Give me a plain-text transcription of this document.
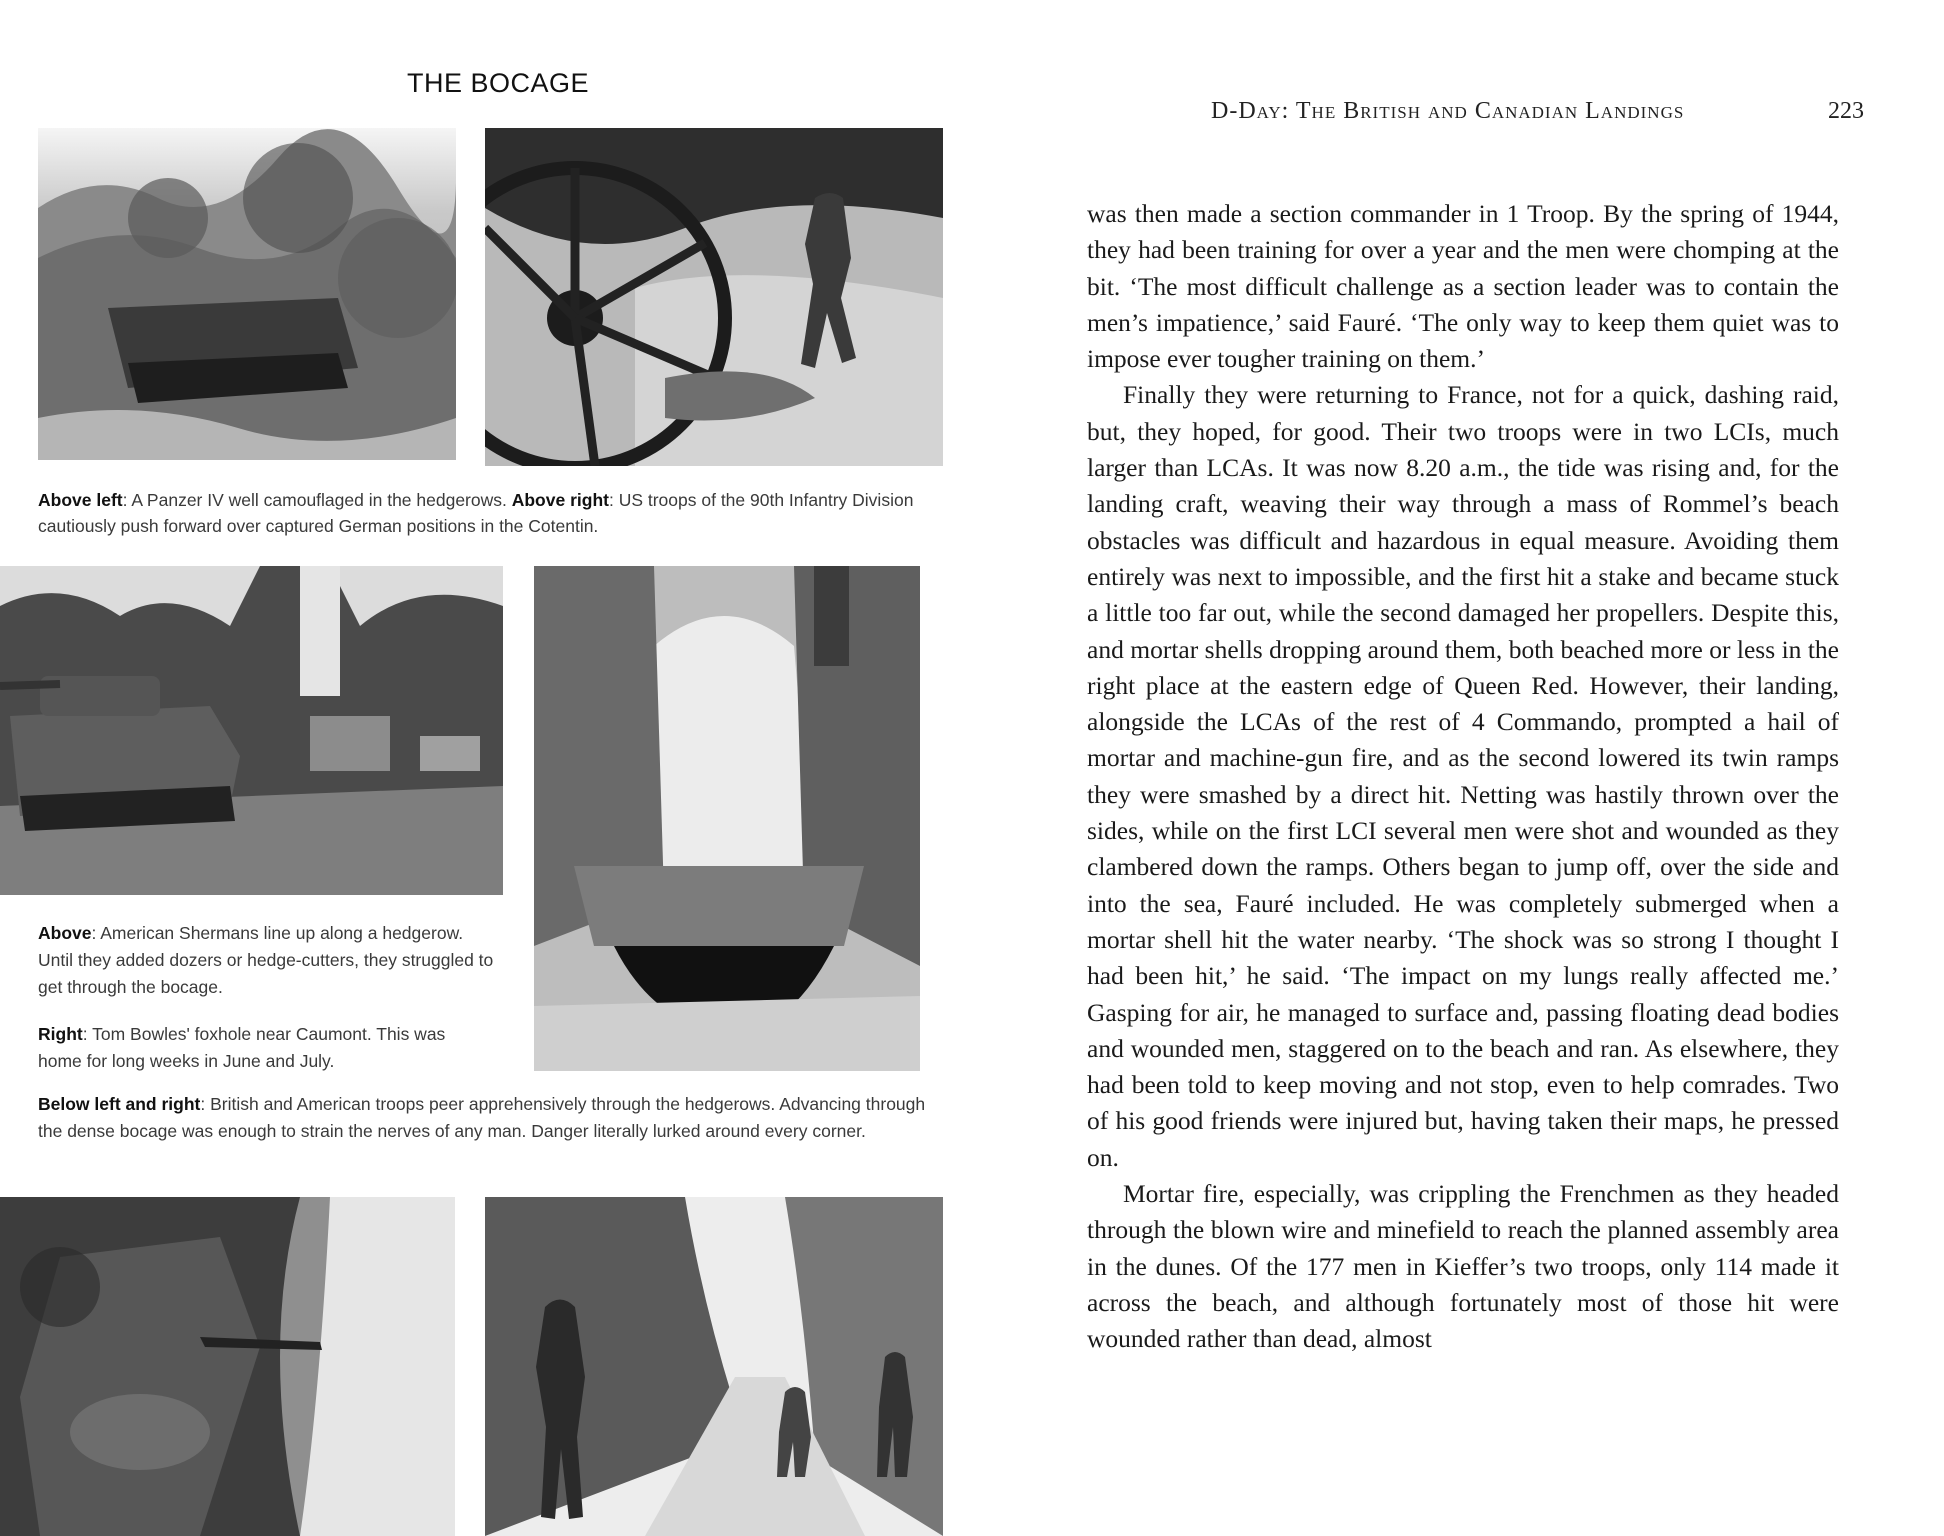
THE BOCAGE

Above left: A Panzer IV well camouflaged in the hedgerows. Above right: US troops of the 90th Infantry Division cautiously push forward over captured German positions in the Cotentin.

Above: American Shermans line up along a hedgerow. Until they added dozers or hedge-cutters, they struggled to get through the bocage.

Right: Tom Bowles' foxhole near Caumont. This was home for long weeks in June and July.

Below left and right: British and American troops peer apprehensively through the hedgerows. Advancing through the dense bocage was enough to strain the nerves of any man. Danger literally lurked around every corner.

D-Day: The British and Canadian Landings	223

was then made a section commander in 1 Troop. By the spring of 1944, they had been training for over a year and the men were chomping at the bit. ‘The most difficult challenge as a section leader was to contain the men’s impatience,’ said Fauré. ‘The only way to keep them quiet was to impose ever tougher training on them.’

Finally they were returning to France, not for a quick, dashing raid, but, they hoped, for good. Their two troops were in two LCIs, much larger than LCAs. It was now 8.20 a.m., the tide was rising and, for the landing craft, weaving their way through a mass of Rommel’s beach obstacles was difficult and hazardous in equal measure. Avoiding them entirely was next to impossible, and the first hit a stake and became stuck a little too far out, while the second damaged her propellers. Despite this, and mortar shells dropping around them, both beached more or less in the right place at the eastern edge of Queen Red. However, their landing, alongside the LCAs of the rest of 4 Commando, prompted a hail of mortar and machine-gun fire, and as the second lowered its twin ramps they were smashed by a direct hit. Netting was hastily thrown over the sides, while on the first LCI several men were shot and wounded as they clambered down the ramps. Others began to jump off, over the side and into the sea, Fauré included. He was completely submerged when a mortar shell hit the water nearby. ‘The shock was so strong I thought I had been hit,’ he said. ‘The impact on my lungs really affected me.’ Gasping for air, he managed to surface and, passing floating dead bodies and wounded men, staggered on to the beach and ran. As elsewhere, they had been told to keep moving and not stop, even to help comrades. Two of his good friends were injured but, having taken their maps, he pressed on.

Mortar fire, especially, was crippling the Frenchmen as they headed through the blown wire and minefield to reach the planned assembly area in the dunes. Of the 177 men in Kieffer’s two troops, only 114 made it across the beach, and although fortunately most of those hit were wounded rather than dead, almost
